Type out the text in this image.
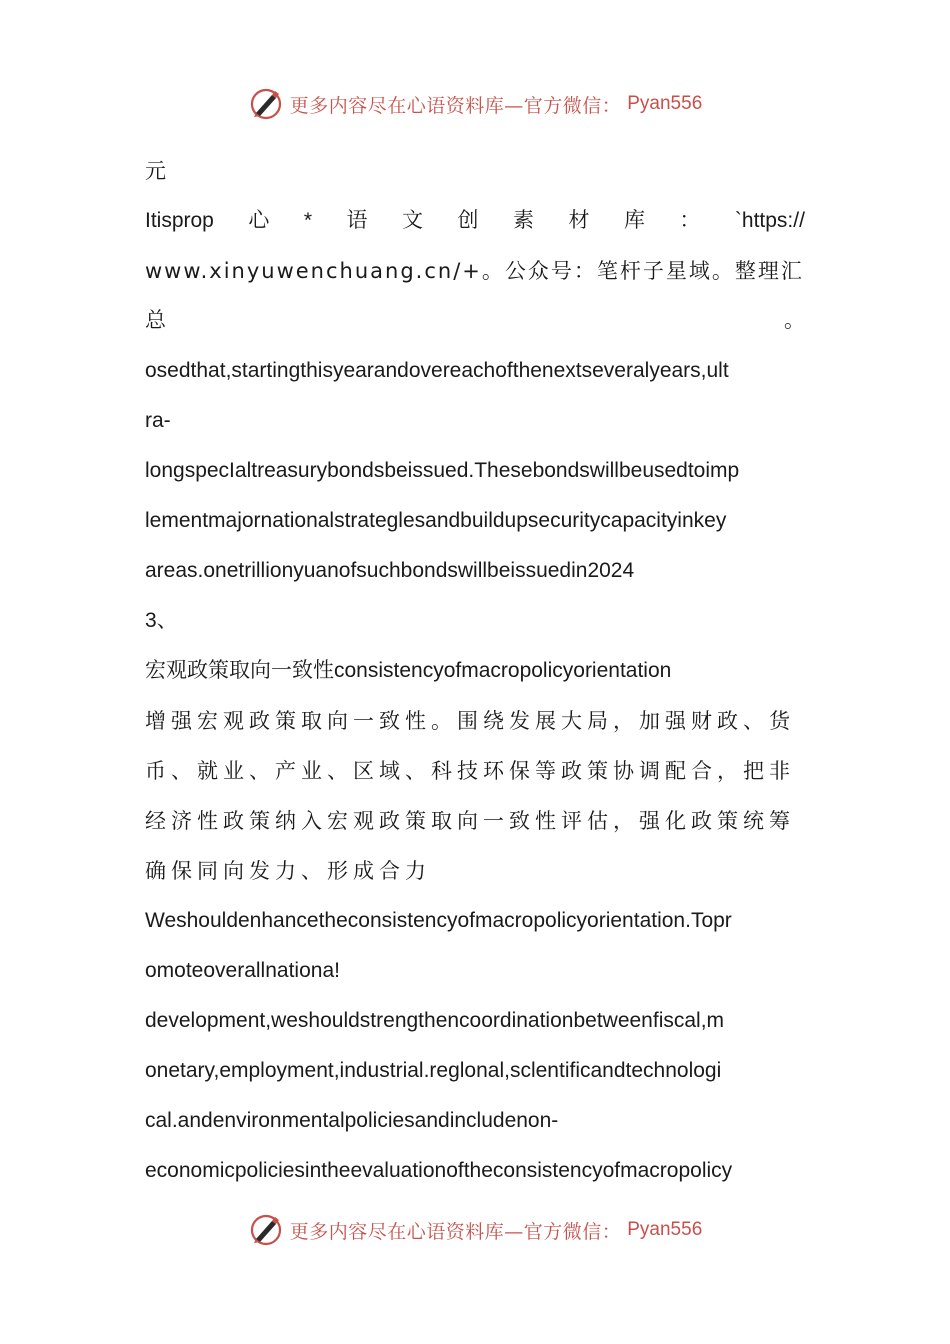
更多内容尽在心语资料库—官方微信： Pyan556
元
Itisprop 心 * 语 文 创 素 材 库 ： `https://
www.xinyuwenchuang.cn/+。公众号：笔杆子星域。整理汇
总	。
osedthat,startingthisyearandovereachofthenextseveralyears,ult
ra-
longspecIaltreasurybondsbeissued.Thesebondswillbeusedtoimp
lementmajornationalstrateglesandbuildupsecuritycapacityinkey
areas.onetrillionyuanofsuchbondswillbeissuedin2024
3、
宏观政策取向一致性consistencyofmacropolicyorientation
增强宏观政策取向一致性。围绕发展大局，加强财政、货
币、就业、产业、区域、科技环保等政策协调配合，把非
经济性政策纳入宏观政策取向一致性评估，强化政策统筹
确保同向发力、形成合力
Weshouldenhancetheconsistencyofmacropolicyorientation.Topr
omoteoverallnationa!
development,weshouldstrengthencoordinationbetweenfiscal,m
onetary,employment,industrial.reglonal,sclentificandtechnologi
cal.andenvironmentalpoliciesandincludenon-
economicpoliciesintheevaluationoftheconsistencyofmacropolicy
更多内容尽在心语资料库—官方微信： Pyan556
